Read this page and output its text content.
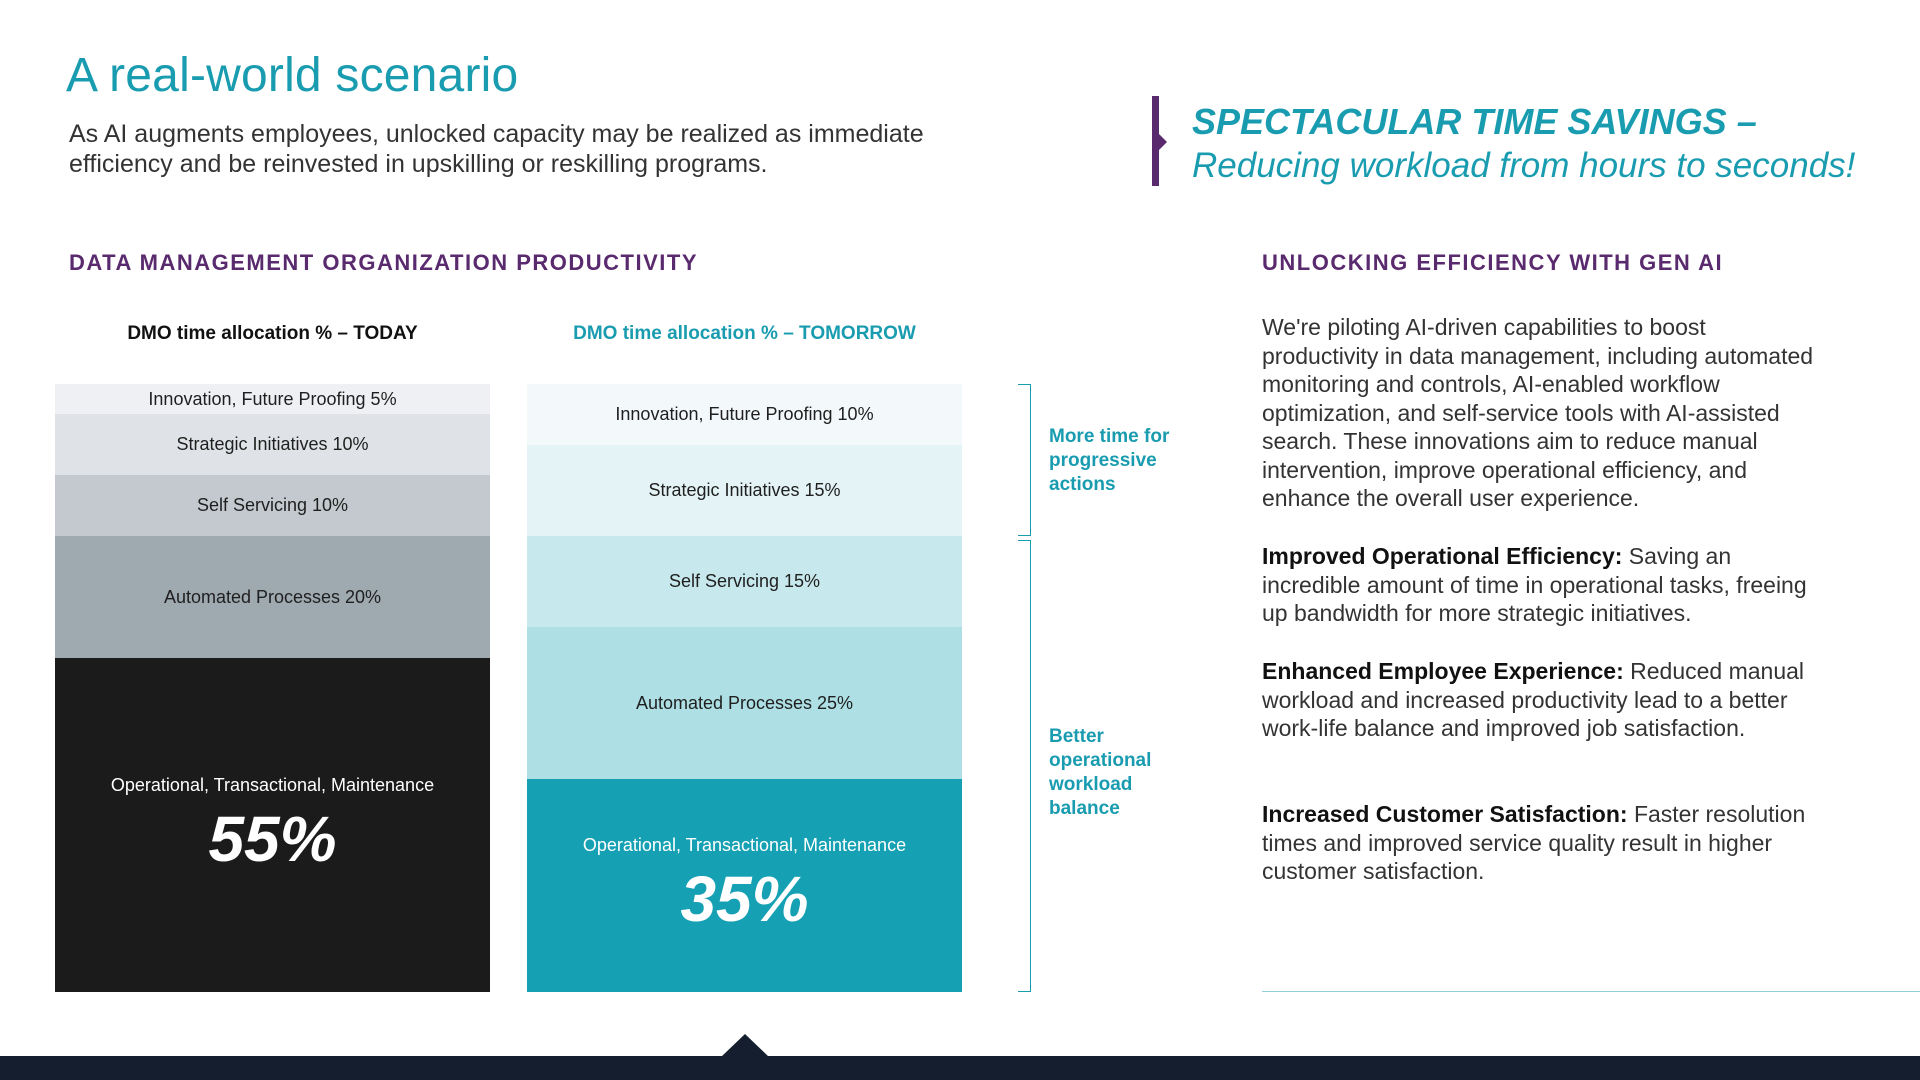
A real-world scenario

As AI augments employees, unlocked capacity may be realized as immediate efficiency and be reinvested in upskilling or reskilling programs.

SPECTACULAR TIME SAVINGS –
Reducing workload from hours to seconds!
DATA MANAGEMENT ORGANIZATION PRODUCTIVITY	UNLOCKING EFFICIENCY WITH GEN AI
DMO time allocation % – TODAY	DMO time allocation % – TOMORROW
Operational, Transactional, Maintenance
55%
Automated Processes 20%
Self Servicing 10%
Strategic Initiatives 10%
Innovation, Future Proofing 5%
Operational, Transactional, Maintenance
35%
Automated Processes 25%
Self Servicing 15%
Strategic Initiatives 15%
Innovation, Future Proofing 10%
More time for progressive actions
Better operational workload balance

We're piloting AI-driven capabilities to boost productivity in data management, including automated monitoring and controls, AI-enabled workflow optimization, and self-service tools with AI-assisted search. These innovations aim to reduce manual intervention, improve operational efficiency, and enhance the overall user experience.

Improved Operational Efficiency: Saving an incredible amount of time in operational tasks, freeing up bandwidth for more strategic initiatives.

Enhanced Employee Experience: Reduced manual workload and increased productivity lead to a better work-life balance and improved job satisfaction.

Increased Customer Satisfaction: Faster resolution times and improved service quality result in higher customer satisfaction.
